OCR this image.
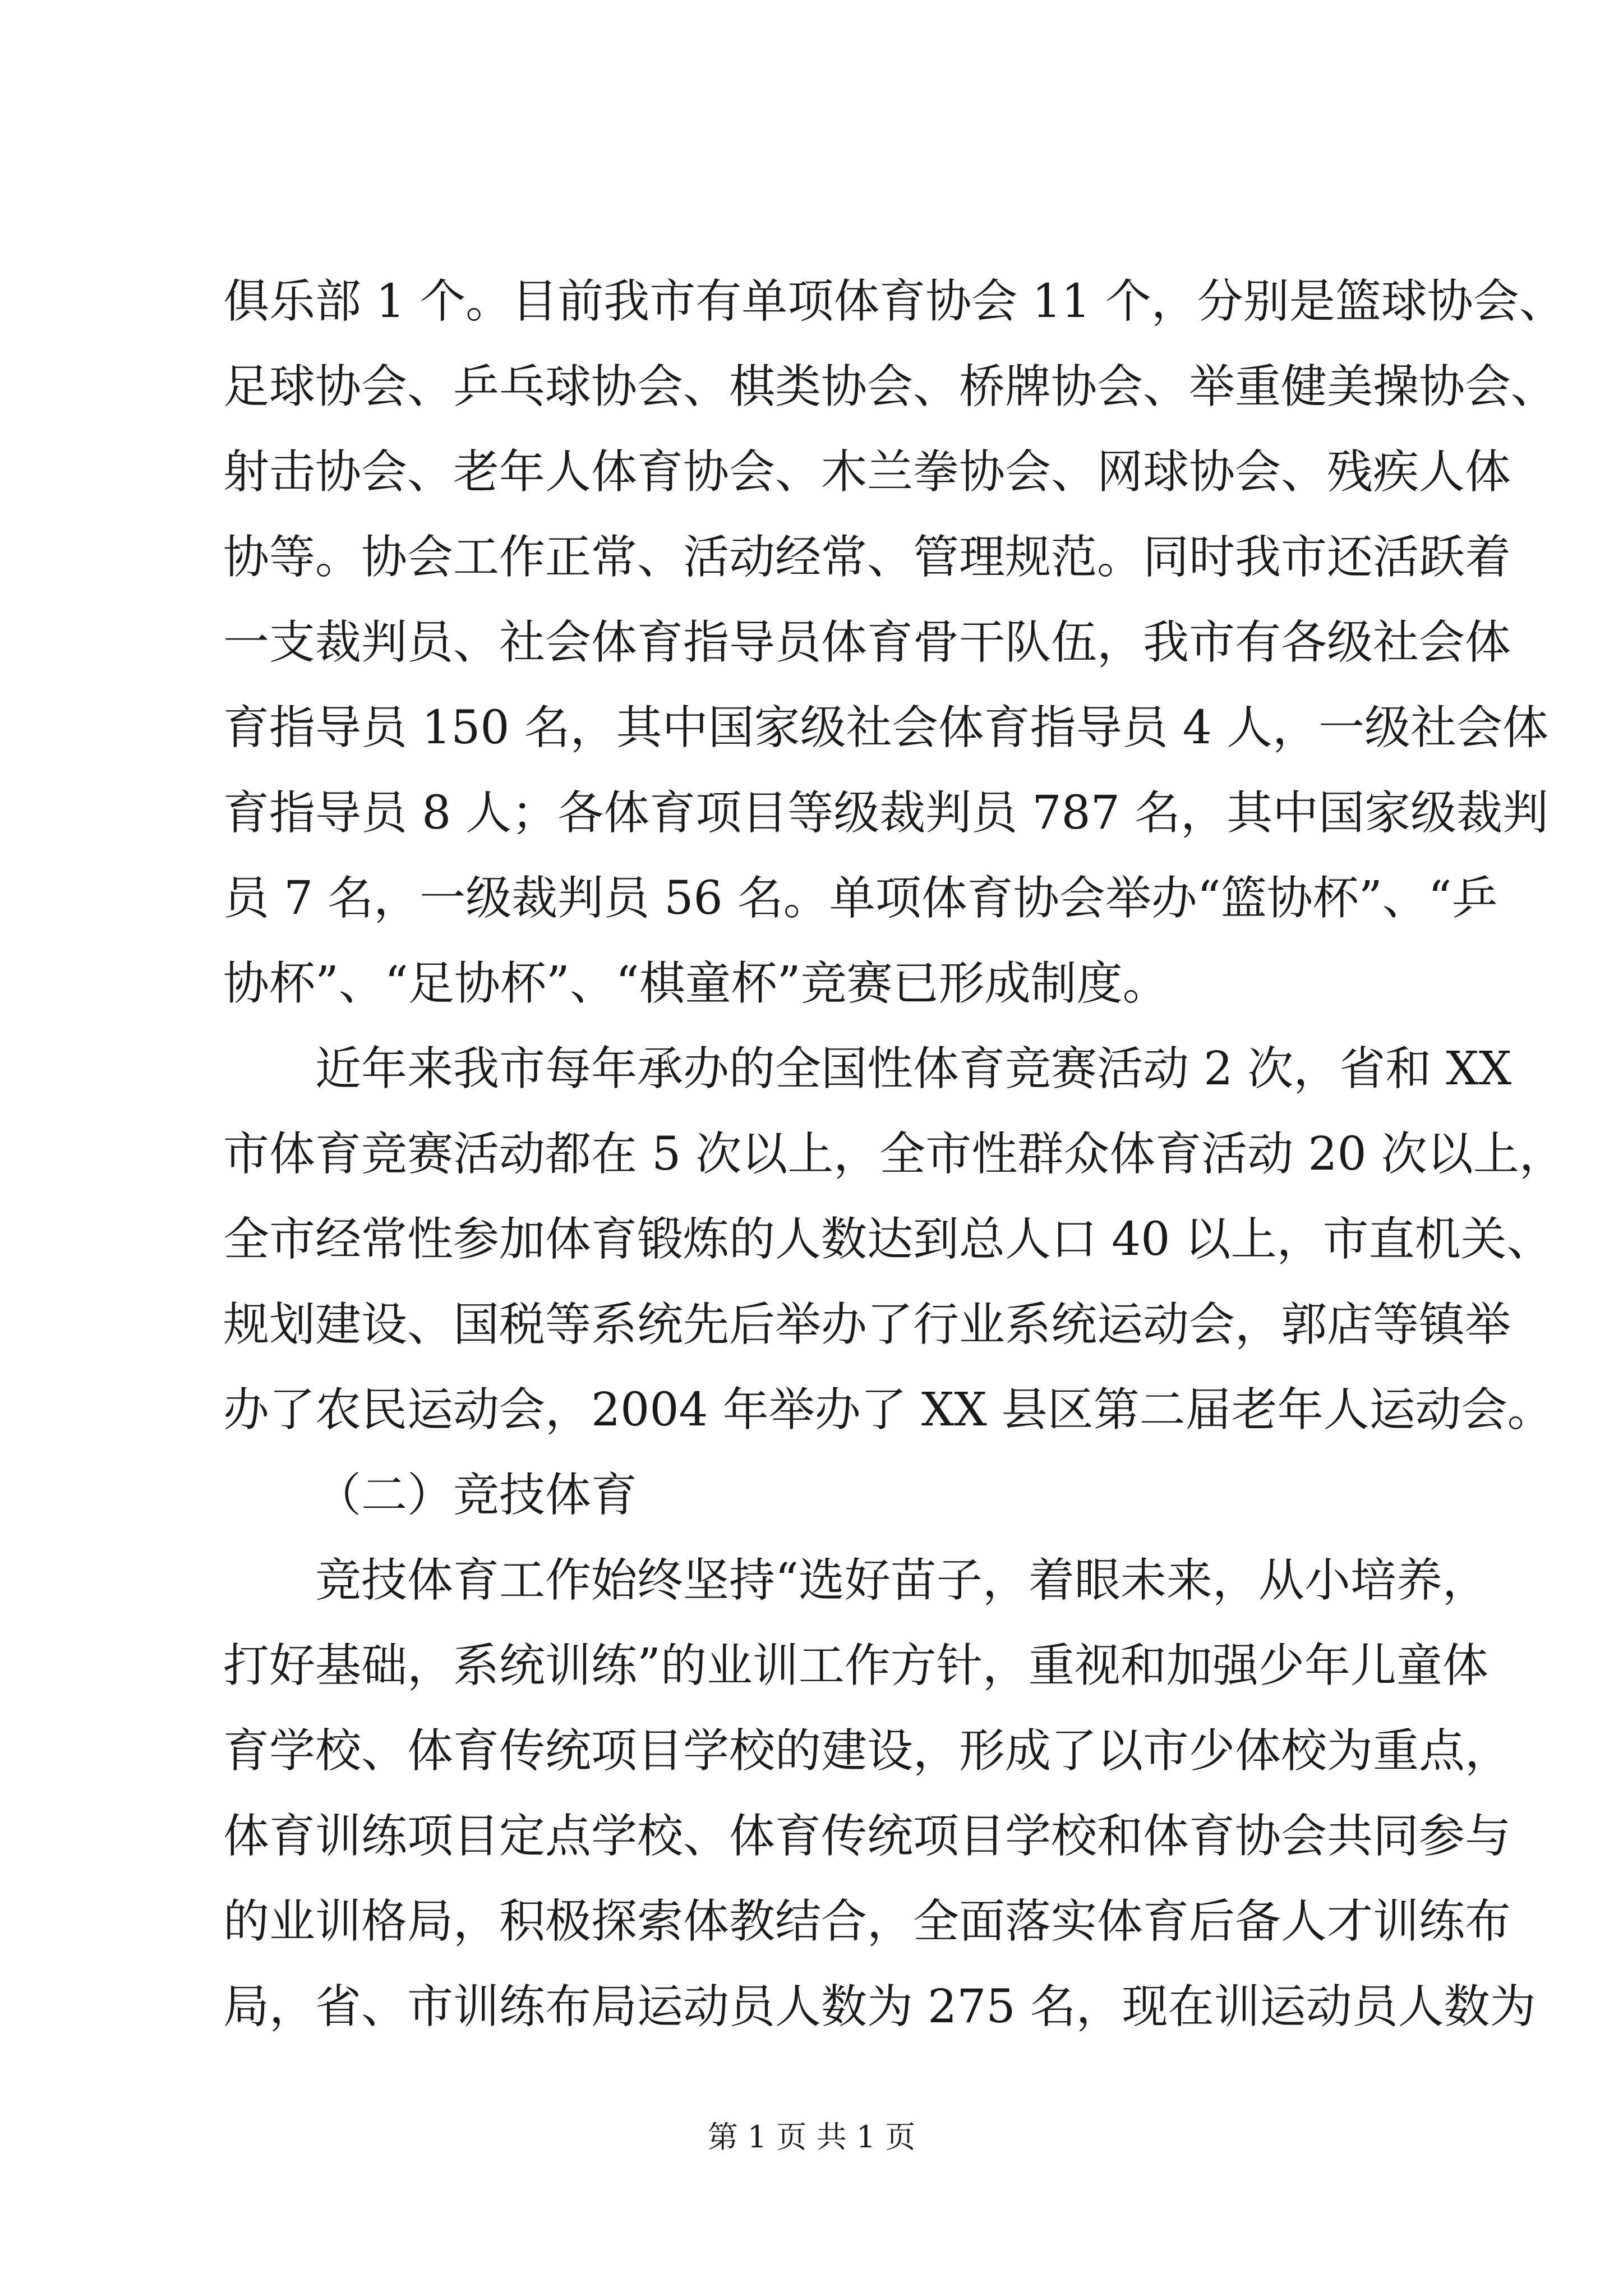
俱乐部 1 个。目前我市有单项体育协会 11 个，分别是篮球协会、
足球协会、乒乓球协会、棋类协会、桥牌协会、举重健美操协会、
射击协会、老年人体育协会、木兰拳协会、网球协会、残疾人体
协等。协会工作正常、活动经常、管理规范。同时我市还活跃着
一支裁判员、社会体育指导员体育骨干队伍，我市有各级社会体
育指导员 150 名，其中国家级社会体育指导员 4 人，一级社会体
育指导员 8 人；各体育项目等级裁判员 787 名，其中国家级裁判
员 7 名，一级裁判员 56 名。单项体育协会举办“篮协杯”、“乒
协杯”、“足协杯”、“棋童杯”竞赛已形成制度。
近年来我市每年承办的全国性体育竞赛活动 2 次，省和 XX
市体育竞赛活动都在 5 次以上，全市性群众体育活动 20 次以上，
全市经常性参加体育锻炼的人数达到总人口 40 以上，市直机关、
规划建设、国税等系统先后举办了行业系统运动会，郭店等镇举
办了农民运动会，2004 年举办了 XX 县区第二届老年人运动会。
（二）竞技体育
竞技体育工作始终坚持“选好苗子，着眼未来，从小培养，
打好基础，系统训练”的业训工作方针，重视和加强少年儿童体
育学校、体育传统项目学校的建设，形成了以市少体校为重点，
体育训练项目定点学校、体育传统项目学校和体育协会共同参与
的业训格局，积极探索体教结合，全面落实体育后备人才训练布
局，省、市训练布局运动员人数为 275 名，现在训运动员人数为
第 1 页 共 1 页
